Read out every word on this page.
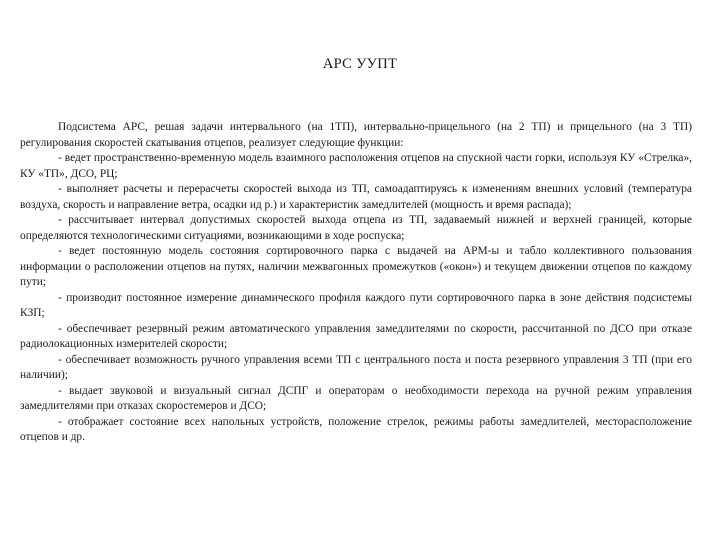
АРС УУПТ

Подсистема АРС, решая задачи интервального (на 1ТП), интервально-прицельного (на 2 ТП) и прицельного (на 3 ТП) регулирования скоростей скатывания отцепов, реализует следующие функции:

- ведет пространственно-временную модель взаимного расположения отцепов на спускной части горки, используя КУ «Стрелка», КУ «ТП», ДСО, РЦ;

- выполняет расчеты и перерасчеты скоростей выхода из ТП, самоадаптируясь к изменениям внешних условий (температура воздуха, скорость и направление ветра, осадки ид р.) и характеристик замедлителей (мощность и время распада);

- рассчитывает интервал допустимых скоростей выхода отцепа из ТП, задаваемый нижней и верхней границей, которые определяются технологическими ситуациями, возникающими в ходе роспуска;

- ведет постоянную модель состояния сортировочного парка с выдачей на АРМ-ы и табло коллективного пользования информации о расположении отцепов на путях, наличии межвагонных промежутков («окон») и текущем движении отцепов по каждому пути;

- производит постоянное измерение динамического профиля каждого пути сортировочного парка в зоне действия подсистемы КЗП;

- обеспечивает резервный режим автоматического управления замедлителями по скорости, рассчитанной по ДСО при отказе радиолокационных измерителей скорости;

- обеспечивает возможность ручного управления всеми ТП с центрального поста и поста резервного управления 3 ТП (при его наличии);

- выдает звуковой и визуальный сигнал ДСПГ и операторам о необходимости перехода на ручной режим управления замедлителями при отказах скоростемеров и ДСО;

- отображает состояние всех напольных устройств, положение стрелок, режимы работы замедлителей, месторасположение отцепов и др.
